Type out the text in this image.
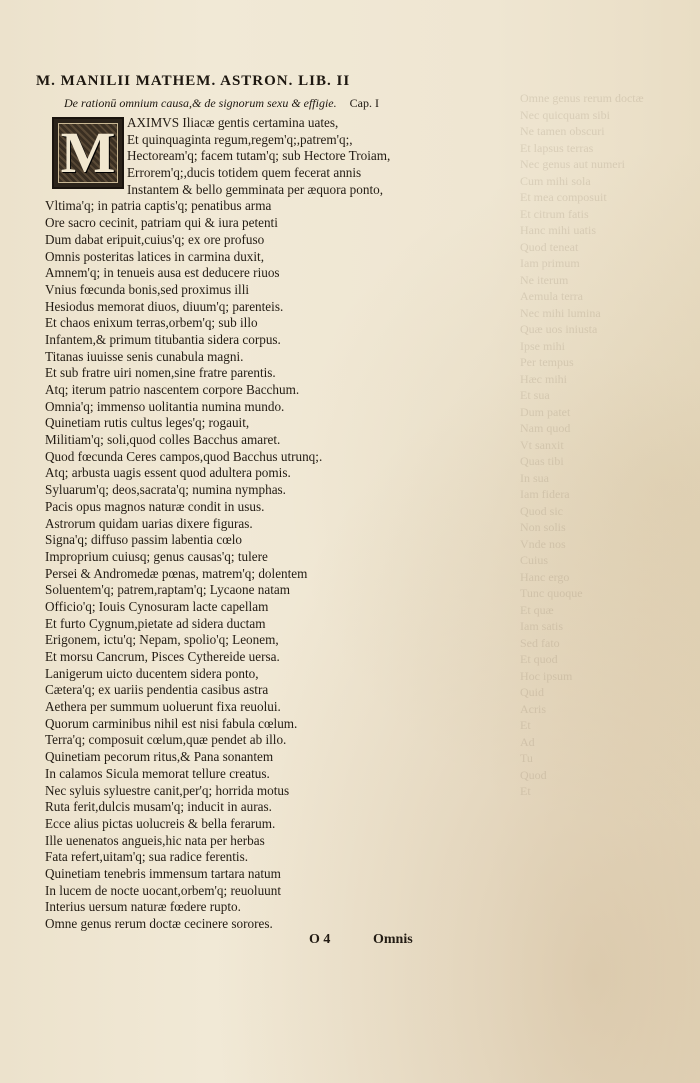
Omne genus rerum doctæ
Nec quicquam sibi
Ne tamen obscuri
Et lapsus terras
Nec genus aut numeri
Cum mihi sola
Et mea composuit
Et citrum fatis
Hanc mihi uatis
Quod teneat
Iam primum
Ne iterum
Aemula terra
Nec mihi lumina
Quæ uos iniusta
Ipse mihi
Per tempus
Hæc mihi
Et sua
Dum patet
Nam quod
Vt sanxit
Quas tibi
In sua
Iam fidera
Quod sic
Non solis
Vnde nos
Cuius
Hanc ergo
Tunc quoque
Et quæ
Iam satis
Sed fato
Et quod
Hoc ipsum
Quid
Acris
Et
Ad
Tu
Quod
Et
M. MANILII MATHEM. ASTRON. LIB. II
De rationū omnium causa,& de signorum sexu & effigie. Cap. I
M AXIMVS Iliacæ gentis certamina uates,
Et quinquaginta regum,regem'q;,patrem'q;,
Hectoream'q; facem tutam'q; sub Hectore Troiam,
Errorem'q;,ducis totidem quem fecerat annis
Instantem & bello gemminata per æquora ponto,
Vltima'q; in patria captis'q; penatibus arma
Ore sacro cecinit, patriam qui & iura petenti
Dum dabat eripuit,cuius'q; ex ore profuso
Omnis posteritas latices in carmina duxit,
Amnem'q; in tenueis ausa est deducere riuos
Vnius fœcunda bonis,sed proximus illi
Hesiodus memorat diuos, diuum'q; parenteis.
Et chaos enixum terras,orbem'q; sub illo
Infantem,& primum titubantia sidera corpus.
Titanas iuuisse senis cunabula magni.
Et sub fratre uiri nomen,sine fratre parentis.
Atq; iterum patrio nascentem corpore Bacchum.
Omnia'q; immenso uolitantia numina mundo.
Quinetiam rutis cultus leges'q; rogauit,
Militiam'q; soli,quod colles Bacchus amaret.
Quod fœcunda Ceres campos,quod Bacchus utrunq;.
Atq; arbusta uagis essent quod adultera pomis.
Syluarum'q; deos,sacrata'q; numina nymphas.
Pacis opus magnos naturæ condit in usus.
Astrorum quidam uarias dixere figuras.
Signa'q; diffuso passim labentia cœlo
Improprium cuiusq; genus causas'q; tulere
Persei & Andromedæ pœnas, matrem'q; dolentem
Soluentem'q; patrem,raptam'q; Lycaone natam
Officio'q; Iouis Cynosuram lacte capellam
Et furto Cygnum,pietate ad sidera ductam
Erigonem, ictu'q; Nepam, spolio'q; Leonem,
Et morsu Cancrum, Pisces Cythereide uersa.
Lanigerum uicto ducentem sidera ponto,
Cætera'q; ex uariis pendentia casibus astra
Aethera per summum uoluerunt fixa reuolui.
Quorum carminibus nihil est nisi fabula cœlum.
Terra'q; composuit cœlum,quæ pendet ab illo.
Quinetiam pecorum ritus,& Pana sonantem
In calamos Sicula memorat tellure creatus.
Nec syluis syluestre canit,per'q; horrida motus
Ruta ferit,dulcis musam'q; inducit in auras.
Ecce alius pictas uolucreis & bella ferarum.
Ille uenenatos angueis,hic nata per herbas
Fata refert,uitam'q; sua radice ferentis.
Quinetiam tenebris immensum tartara natum
In lucem de nocte uocant,orbem'q; reuoluunt
Interius uersum naturæ fœdere rupto.
Omne genus rerum doctæ cecinere sorores.
O 4	Omnis
